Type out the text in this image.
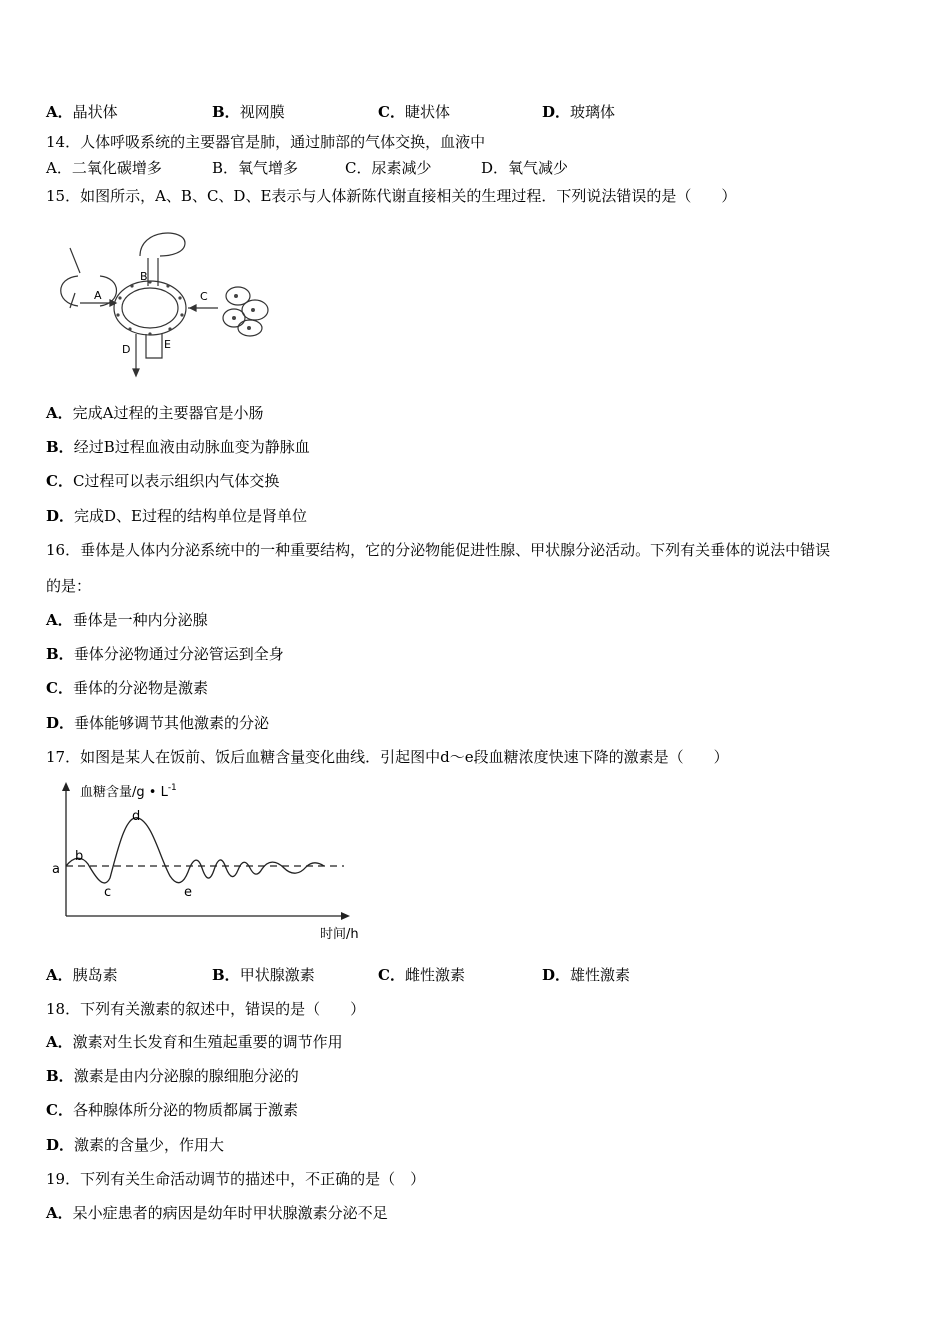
A．晶状体	B．视网膜	C．睫状体	D．玻璃体
14．人体呼吸系统的主要器官是肺，通过肺部的气体交换，血液中
A．二氧化碳增多	B．氧气增多	C．尿素减少	D．氧气减少
15．如图所示，A、B、C、D、E表示与人体新陈代谢直接相关的生理过程．下列说法错误的是（　　）
A
B
C
D	E
A．完成A过程的主要器官是小肠
B．经过B过程血液由动脉血变为静脉血
C．C过程可以表示组织内气体交换
D．完成D、E过程的结构单位是肾单位
16．垂体是人体内分泌系统中的一种重要结构，它的分泌物能促进性腺、甲状腺分泌活动。下列有关垂体的说法中错误
的是：
A．垂体是一种内分泌腺
B．垂体分泌物通过分泌管运到全身
C．垂体的分泌物是激素
D．垂体能够调节其他激素的分泌
17．如图是某人在饭前、饭后血糖含量变化曲线．引起图中d～e段血糖浓度快速下降的激素是（　　）
血糖含量/g • $L^{-1}$
时间/h
a
b
c
d
e
A．胰岛素	B．甲状腺激素	C．雌性激素	D．雄性激素
18．下列有关激素的叙述中，错误的是（　　）
A．激素对生长发育和生殖起重要的调节作用
B．激素是由内分泌腺的腺细胞分泌的
C．各种腺体所分泌的物质都属于激素
D．激素的含量少，作用大
19．下列有关生命活动调节的描述中，不正确的是（　）
A．呆小症患者的病因是幼年时甲状腺激素分泌不足
